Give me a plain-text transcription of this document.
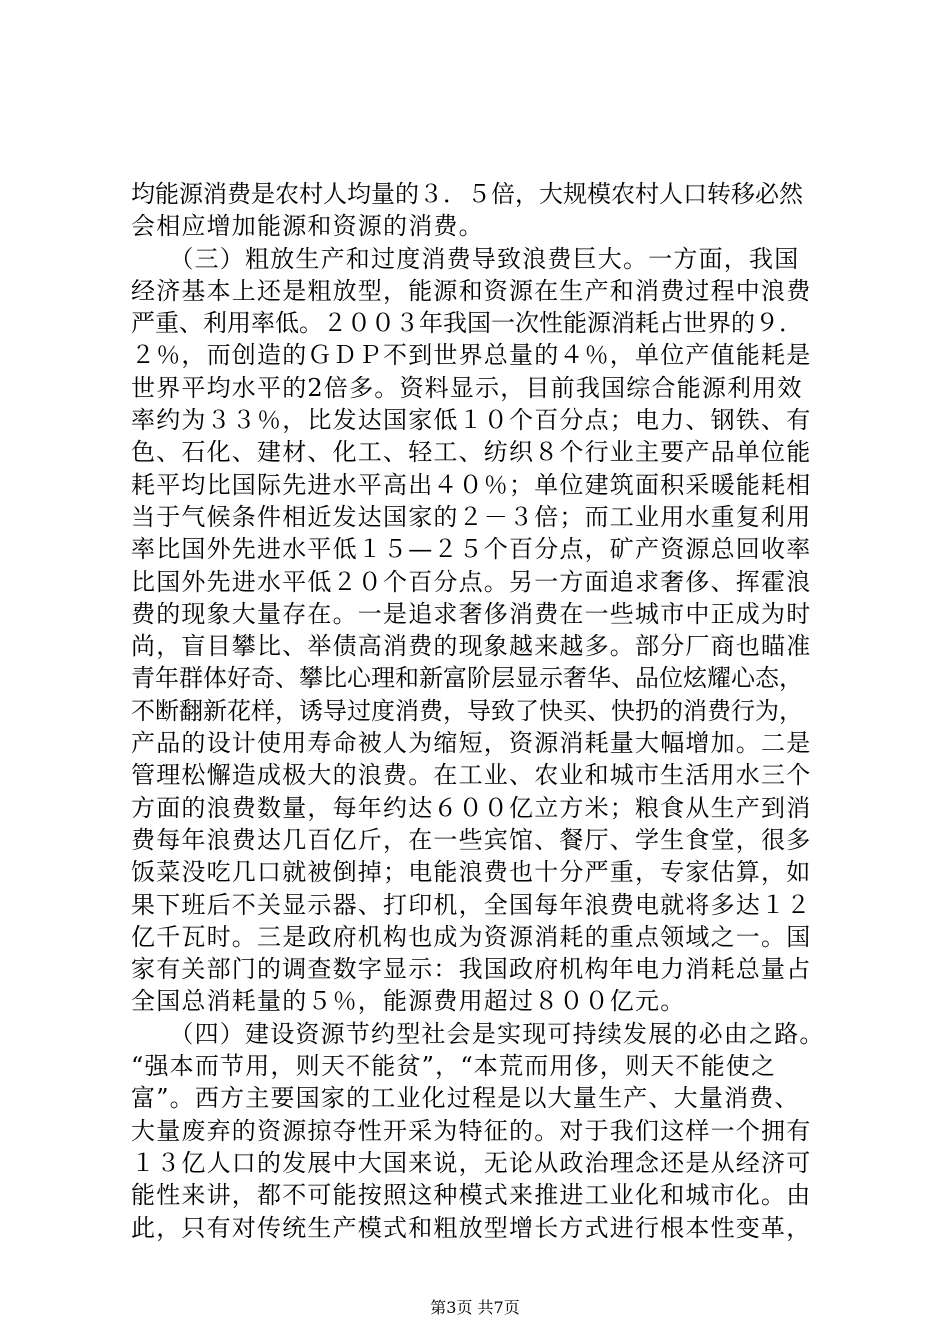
均能源消费是农村人均量的３．５倍，大规模农村人口转移必然
会相应增加能源和资源的消费。
　　（三）粗放生产和过度消费导致浪费巨大。一方面，我国
经济基本上还是粗放型，能源和资源在生产和消费过程中浪费
严重、利用率低。２００３年我国一次性能源消耗占世界的９．
２％，而创造的ＧＤＰ不到世界总量的４％，单位产值能耗是
世界平均水平的2倍多。资料显示，目前我国综合能源利用效
率约为３３％，比发达国家低１０个百分点；电力、钢铁、有
色、石化、建材、化工、轻工、纺织８个行业主要产品单位能
耗平均比国际先进水平高出４０％；单位建筑面积采暖能耗相
当于气候条件相近发达国家的２－３倍；而工业用水重复利用
率比国外先进水平低１５—２５个百分点，矿产资源总回收率
比国外先进水平低２０个百分点。另一方面追求奢侈、挥霍浪
费的现象大量存在。一是追求奢侈消费在一些城市中正成为时
尚，盲目攀比、举债高消费的现象越来越多。部分厂商也瞄准
青年群体好奇、攀比心理和新富阶层显示奢华、品位炫耀心态，
不断翻新花样，诱导过度消费，导致了快买、快扔的消费行为，
产品的设计使用寿命被人为缩短，资源消耗量大幅增加。二是
管理松懈造成极大的浪费。在工业、农业和城市生活用水三个
方面的浪费数量，每年约达６００亿立方米；粮食从生产到消
费每年浪费达几百亿斤，在一些宾馆、餐厅、学生食堂，很多
饭菜没吃几口就被倒掉；电能浪费也十分严重，专家估算，如
果下班后不关显示器、打印机，全国每年浪费电就将多达１２
亿千瓦时。三是政府机构也成为资源消耗的重点领域之一。国
家有关部门的调查数字显示：我国政府机构年电力消耗总量占
全国总消耗量的５％，能源费用超过８００亿元。
　　（四）建设资源节约型社会是实现可持续发展的必由之路。
“强本而节用，则天不能贫”，“本荒而用侈，则天不能使之
富”。西方主要国家的工业化过程是以大量生产、大量消费、
大量废弃的资源掠夺性开采为特征的。对于我们这样一个拥有
１３亿人口的发展中大国来说，无论从政治理念还是从经济可
能性来讲，都不可能按照这种模式来推进工业化和城市化。由
此，只有对传统生产模式和粗放型增长方式进行根本性变革，
第3页 共7页
